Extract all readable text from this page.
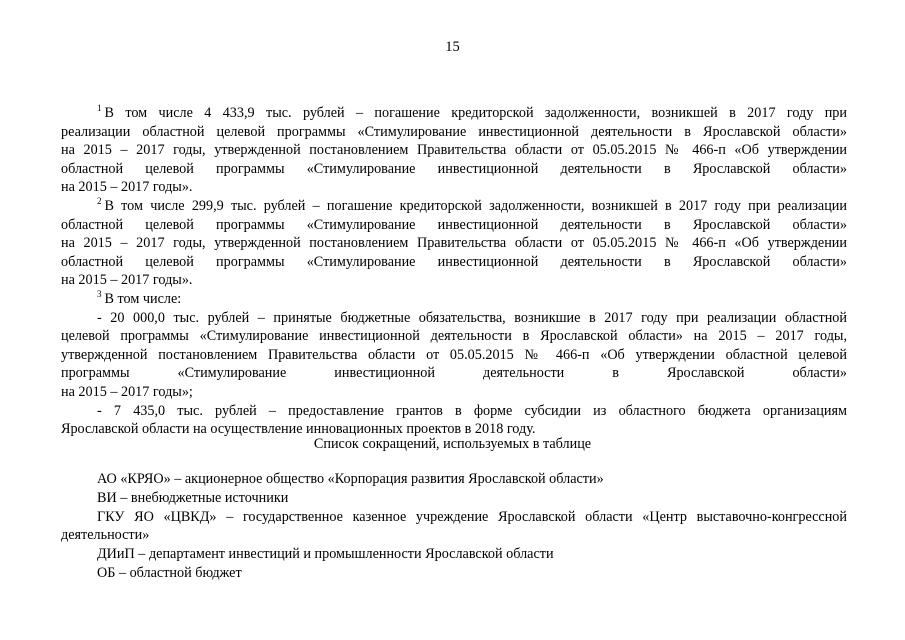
15
$^1$ В том числе 4 433,9 тыс. рублей – погашение кредиторской задолженности, возникшей в 2017 году при
реализации областной целевой программы «Стимулирование инвестиционной деятельности в Ярославской области»
на 2015 – 2017 годы, утвержденной постановлением Правительства области от 05.05.2015 № 466-п «Об утверждении
областной целевой программы «Стимулирование инвестиционной деятельности в Ярославской области»
на 2015 – 2017 годы».
$^2$ В том числе 299,9 тыс. рублей – погашение кредиторской задолженности, возникшей в 2017 году при реализации
областной целевой программы «Стимулирование инвестиционной деятельности в Ярославской области»
на 2015 – 2017 годы, утвержденной постановлением Правительства области от 05.05.2015 № 466-п «Об утверждении
областной целевой программы «Стимулирование инвестиционной деятельности в Ярославской области»
на 2015 – 2017 годы».
$^3$ В том числе:
- 20 000,0 тыс. рублей – принятые бюджетные обязательства, возникшие в 2017 году при реализации областной
целевой программы «Стимулирование инвестиционной деятельности в Ярославской области» на 2015 – 2017 годы,
утвержденной постановлением Правительства области от 05.05.2015 № 466-п «Об утверждении областной целевой
программы «Стимулирование инвестиционной деятельности в Ярославской области»
на 2015 – 2017 годы»;
- 7 435,0 тыс. рублей – предоставление грантов в форме субсидии из областного бюджета организациям
Ярославской области на осуществление инновационных проектов в 2018 году.
Список сокращений, используемых в таблице
АО «КРЯО» – акционерное общество «Корпорация развития Ярославской области»
ВИ – внебюджетные источники
ГКУ ЯО «ЦВКД» – государственное казенное учреждение Ярославской области «Центр выставочно-конгрессной
деятельности»
ДИиП – департамент инвестиций и промышленности Ярославской области
ОБ – областной бюджет
